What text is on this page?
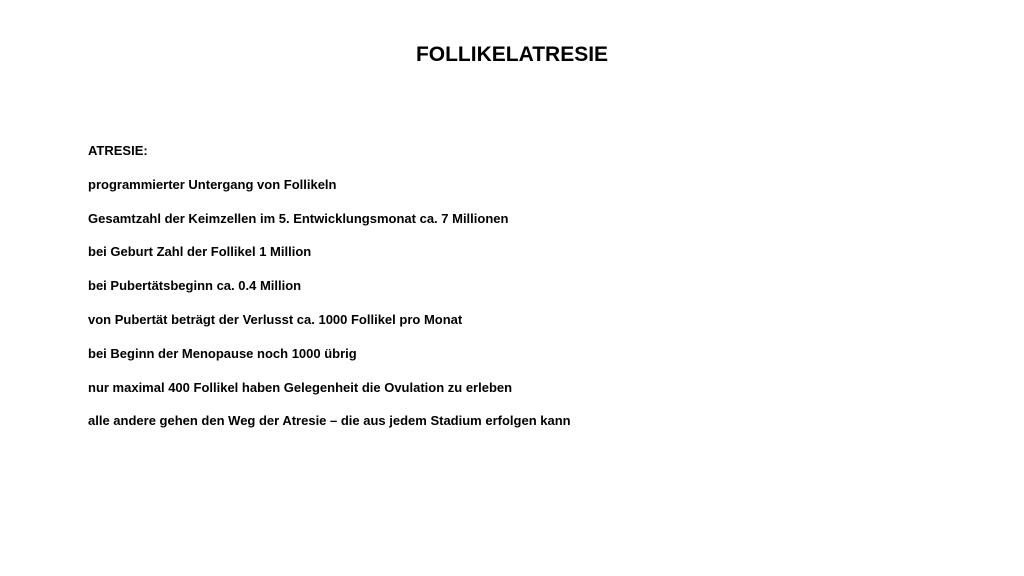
FOLLIKELATRESIE
ATRESIE:
programmierter Untergang von Follikeln
Gesamtzahl der Keimzellen im 5. Entwicklungsmonat ca. 7 Millionen
bei Geburt Zahl der Follikel 1 Million
bei Pubertätsbeginn ca. 0.4 Million
von Pubertät beträgt der Verlusst ca. 1000 Follikel pro Monat
bei Beginn der Menopause noch 1000 übrig
nur maximal 400 Follikel haben Gelegenheit die Ovulation zu erleben
alle andere gehen den Weg der Atresie – die aus jedem Stadium erfolgen kann
